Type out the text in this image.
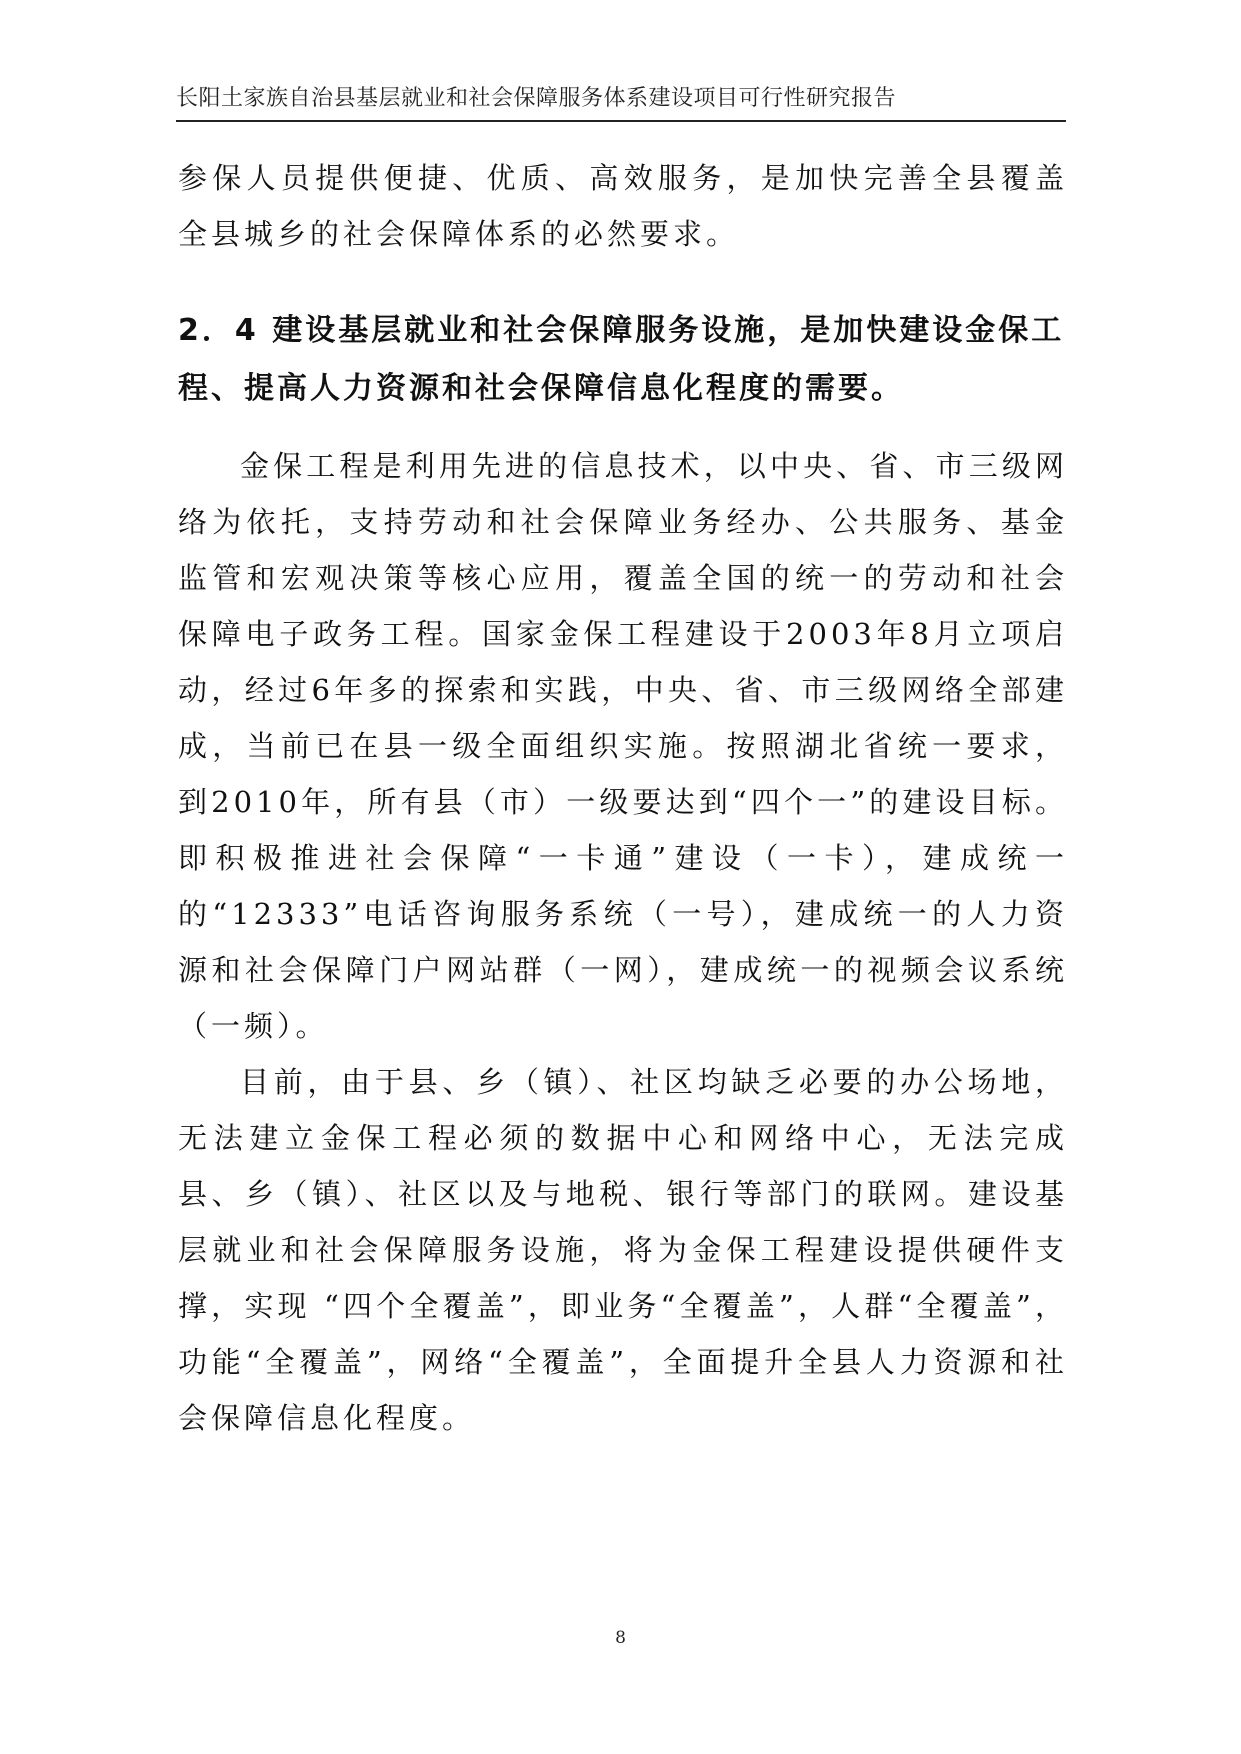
长阳土家族自治县基层就业和社会保障服务体系建设项目可行性研究报告

参保人员提供便捷、优质、高效服务，是加快完善全县覆盖全县城乡的社会保障体系的必然要求。

2．4 建设基层就业和社会保障服务设施，是加快建设金保工程、提高人力资源和社会保障信息化程度的需要。

金保工程是利用先进的信息技术，以中央、省、市三级网络为依托，支持劳动和社会保障业务经办、公共服务、基金监管和宏观决策等核心应用，覆盖全国的统一的劳动和社会保障电子政务工程。国家金保工程建设于2003年8月立项启动，经过6年多的探索和实践，中央、省、市三级网络全部建成，当前已在县一级全面组织实施。按照湖北省统一要求，到2010年，所有县（市）一级要达到“四个一”的建设目标。即积极推进社会保障“一卡通”建设（一卡），建成统一的“12333”电话咨询服务系统（一号），建成统一的人力资源和社会保障门户网站群（一网），建成统一的视频会议系统（一频）。

目前，由于县、乡（镇）、社区均缺乏必要的办公场地，无法建立金保工程必须的数据中心和网络中心，无法完成县、乡（镇）、社区以及与地税、银行等部门的联网。建设基层就业和社会保障服务设施，将为金保工程建设提供硬件支撑，实现 “四个全覆盖”，即业务“全覆盖”，人群“全覆盖”，功能“全覆盖”，网络“全覆盖”，全面提升全县人力资源和社会保障信息化程度。

8
